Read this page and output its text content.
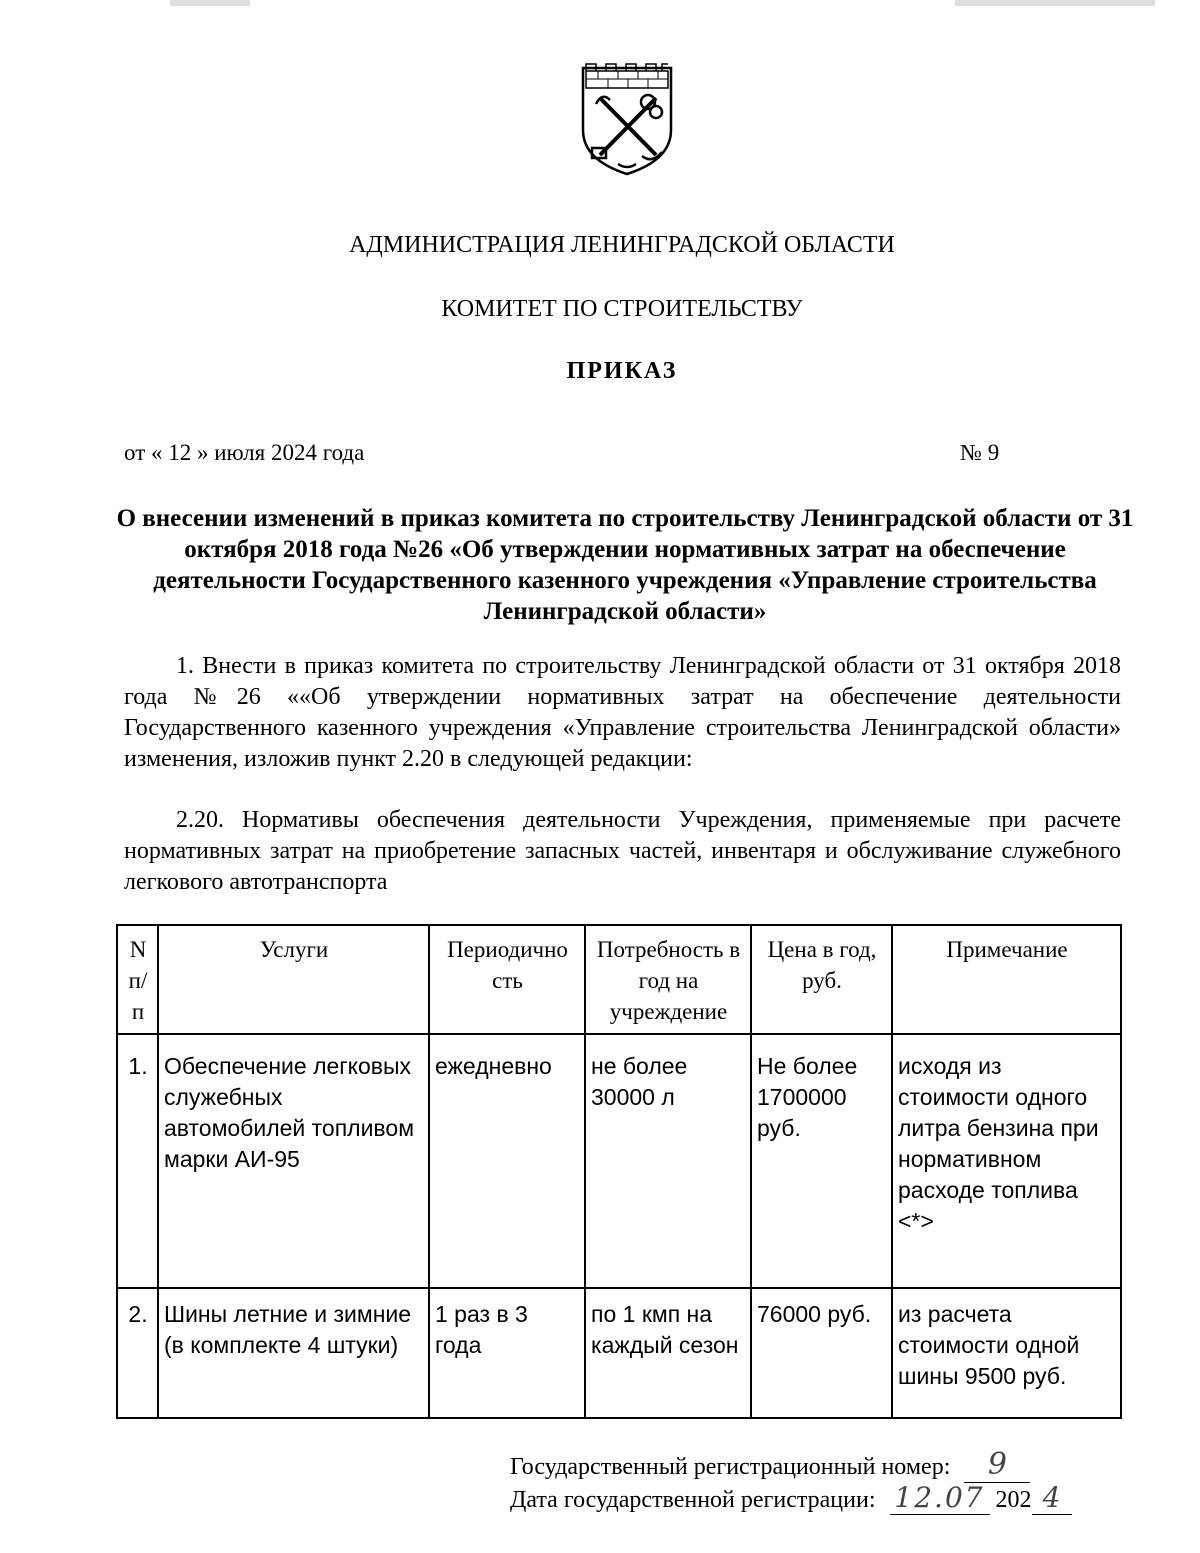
АДМИНИСТРАЦИЯ ЛЕНИНГРАДСКОЙ ОБЛАСТИ
КОМИТЕТ ПО СТРОИТЕЛЬСТВУ
ПРИКАЗ
от « 12 » июля 2024 года	№ 9
О внесении изменений в приказ комитета по строительству Ленинградской области от 31 октября 2018 года №26 «Об утверждении нормативных затрат на обеспечение деятельности Государственного казенного учреждения «Управление строительства Ленинградской области»
1. Внести в приказ комитета по строительству Ленинградской области от 31 октября 2018 года №26 ««Об утверждении нормативных затрат на обеспечение деятельности Государственного казенного учреждения «Управление строительства Ленинградской области» изменения, изложив пункт 2.20 в следующей редакции:
2.20. Нормативы обеспечения деятельности Учреждения, применяемые при расчете нормативных затрат на приобретение запасных частей, инвентаря и обслуживание служебного легкового автотранспорта
N п/ п	Услуги	Периодично сть	Потребность в год на учреждение	Цена в год, руб.	Примечание
1.	Обеспечение легковых служебных автомобилей топливом марки АИ-95	ежедневно	не более 30000 л	Не более 1700000 руб.	исходя из стоимости одного литра бензина при нормативном расходе топлива <*>
2.	Шины летние и зимние (в комплекте 4 штуки)	1 раз в 3 года	по 1 кмп на каждый сезон	76000 руб.	из расчета стоимости одной шины 9500 руб.
Государственный регистрационный номер: 9
Дата государственной регистрации: 12.07 202 4
